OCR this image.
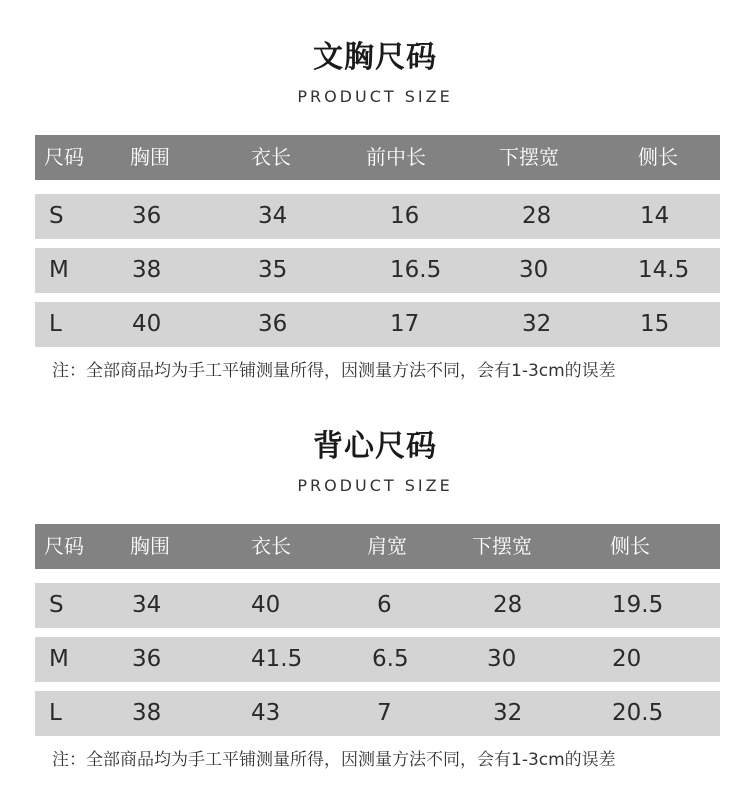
文胸尺码
PRODUCT SIZE
尺码 胸围	衣长	前中长	下摆宽	侧长
S	36	34	16	28	14
M	38	35	16.5	30	14.5
L	40	36	17	32	15
注：全部商品均为手工平铺测量所得，因测量方法不同，会有1-3cm的误差
背心尺码
PRODUCT SIZE
尺码 胸围	衣长	肩宽	下摆宽	侧长
S	34	40	6	28	19.5
M	36	41.5	6.5	30	20
L	38	43	7	32	20.5
注：全部商品均为手工平铺测量所得，因测量方法不同，会有1-3cm的误差
